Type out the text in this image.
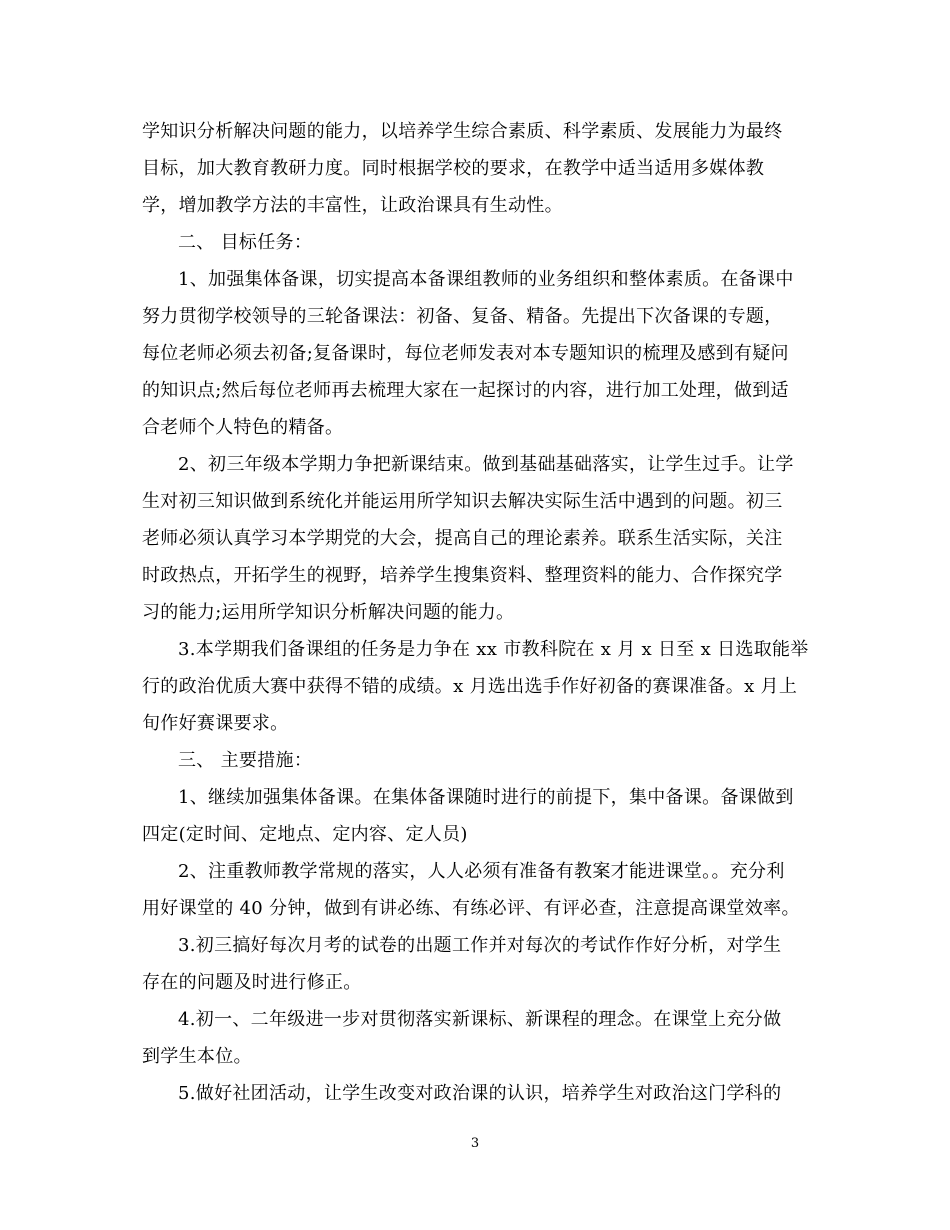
学知识分析解决问题的能力，以培养学生综合素质、科学素质、发展能力为最终
目标，加大教育教研力度。同时根据学校的要求，在教学中适当适用多媒体教
学，增加教学方法的丰富性，让政治课具有生动性。
二、 目标任务：
1、加强集体备课，切实提高本备课组教师的业务组织和整体素质。在备课中
努力贯彻学校领导的三轮备课法：初备、复备、精备。先提出下次备课的专题，
每位老师必须去初备;复备课时，每位老师发表对本专题知识的梳理及感到有疑问
的知识点;然后每位老师再去梳理大家在一起探讨的内容，进行加工处理，做到适
合老师个人特色的精备。
2、初三年级本学期力争把新课结束。做到基础基础落实，让学生过手。让学
生对初三知识做到系统化并能运用所学知识去解决实际生活中遇到的问题。初三
老师必须认真学习本学期党的大会，提高自己的理论素养。联系生活实际，关注
时政热点，开拓学生的视野，培养学生搜集资料、整理资料的能力、合作探究学
习的能力;运用所学知识分析解决问题的能力。
3.本学期我们备课组的任务是力争在 xx 市教科院在 x 月 x 日至 x 日选取能举
行的政治优质大赛中获得不错的成绩。x 月选出选手作好初备的赛课准备。x 月上
旬作好赛课要求。
三、 主要措施：
1、继续加强集体备课。在集体备课随时进行的前提下，集中备课。备课做到
四定(定时间、定地点、定内容、定人员)
2、注重教师教学常规的落实，人人必须有准备有教案才能进课堂。。充分利
用好课堂的 40 分钟，做到有讲必练、有练必评、有评必查，注意提高课堂效率。
3.初三搞好每次月考的试卷的出题工作并对每次的考试作作好分析，对学生
存在的问题及时进行修正。
4.初一、二年级进一步对贯彻落实新课标、新课程的理念。在课堂上充分做
到学生本位。
5.做好社团活动，让学生改变对政治课的认识，培养学生对政治这门学科的
3
